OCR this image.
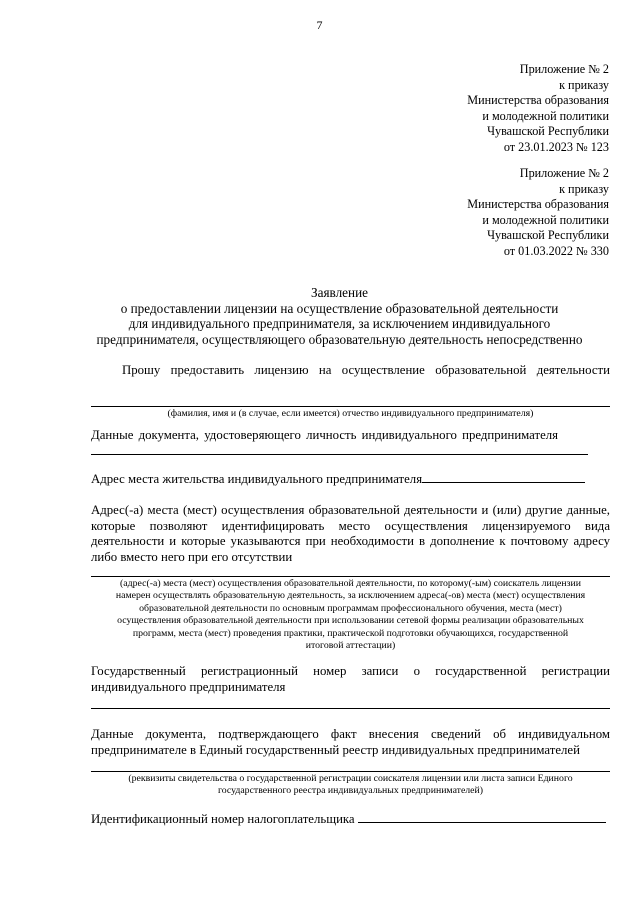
7
Приложение № 2
к приказу
Министерства образования
и молодежной политики
Чувашской Республики
от 23.01.2023 № 123
Приложение № 2
к приказу
Министерства образования
и молодежной политики
Чувашской Республики
от 01.03.2022 № 330
Заявление
о предоставлении лицензии на осуществление образовательной деятельности
для индивидуального предпринимателя, за исключением индивидуального
предпринимателя, осуществляющего образовательную деятельность непосредственно
Прошу предоставить лицензию на осуществление образовательной деятельности
(фамилия, имя и (в случае, если имеется) отчество индивидуального предпринимателя)
Данные документа, удостоверяющего личность индивидуального предпринимателя
Адрес места жительства индивидуального предпринимателя
Адрес(-а) места (мест) осуществления образовательной деятельности и (или) другие данные,
которые позволяют идентифицировать место осуществления лицензируемого вида
деятельности и которые указываются при необходимости в дополнение к почтовому адресу
либо вместо него при его отсутствии
(адрес(-а) места (мест) осуществления образовательной деятельности, по которому(-ым) соискатель лицензии
намерен осуществлять образовательную деятельность, за исключением адреса(-ов) места (мест) осуществления
образовательной деятельности по основным программам профессионального обучения, места (мест)
осуществления образовательной деятельности при использовании сетевой формы реализации образовательных
программ, места (мест) проведения практики, практической подготовки обучающихся, государственной
итоговой аттестации)
Государственный регистрационный номер записи о государственной регистрации
индивидуального предпринимателя
Данные документа, подтверждающего факт внесения сведений об индивидуальном
предпринимателе в Единый государственный реестр индивидуальных предпринимателей
(реквизиты свидетельства о государственной регистрации соискателя лицензии или листа записи Единого
государственного реестра индивидуальных предпринимателей)
Идентификационный номер налогоплательщика
